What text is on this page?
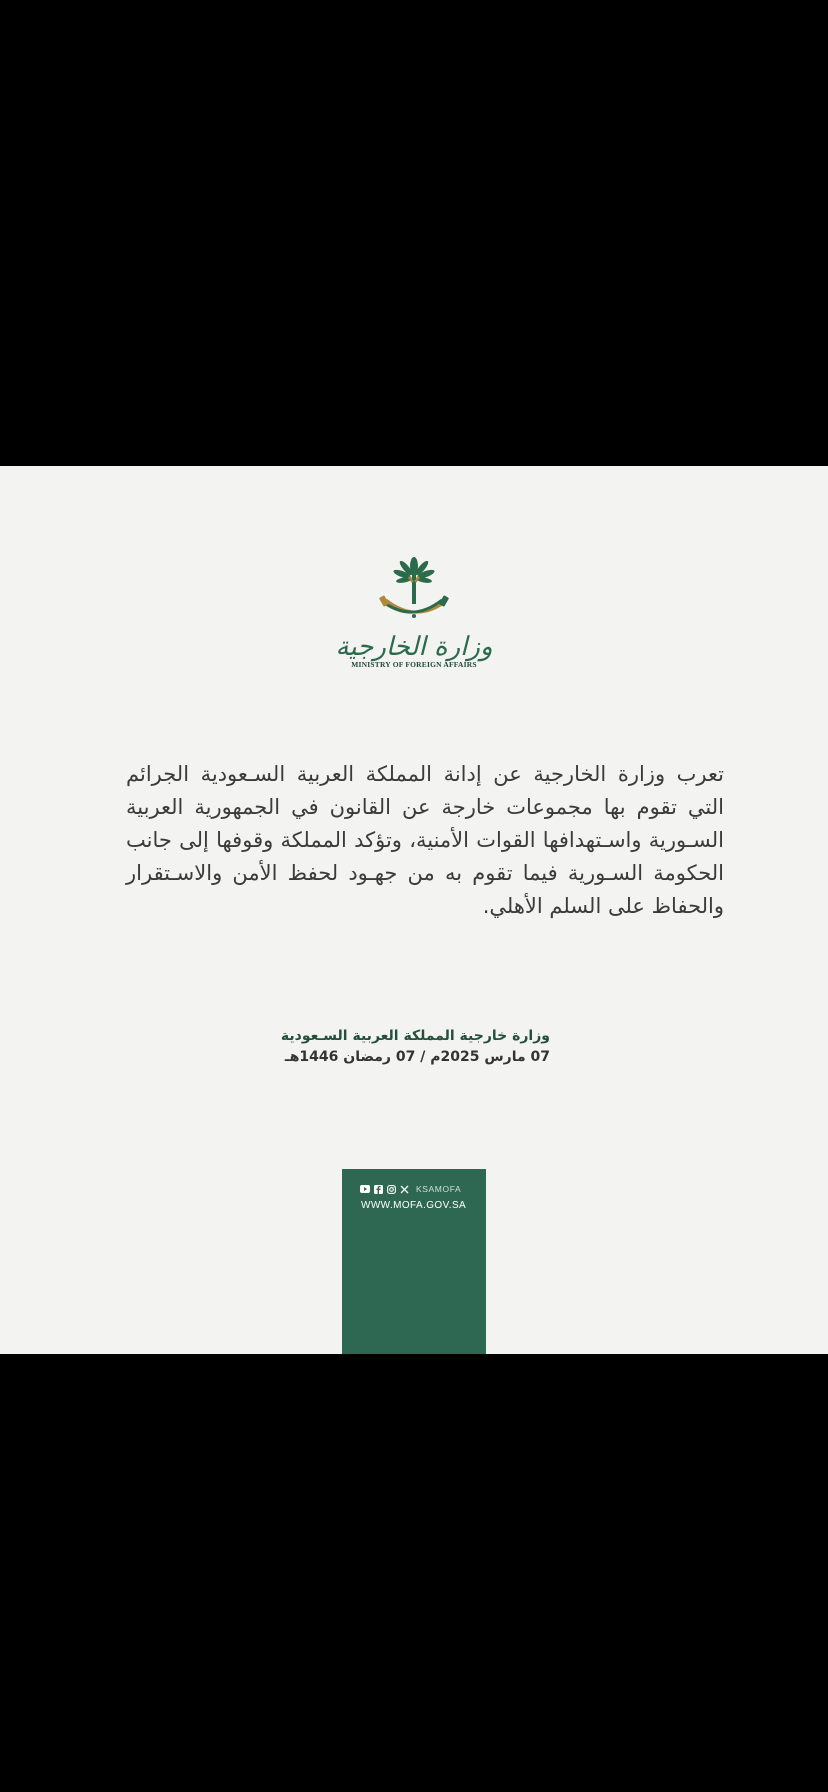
وزارة الخارجية
MINISTRY OF FOREIGN AFFAIRS
تعرب وزارة الخارجية عن إدانة المملكة العربية السـعودية الجرائم التي تقوم بها مجموعات خارجة عن القانون في الجمهورية العربية السـورية واسـتهدافها القوات الأمنية، وتؤكد المملكة وقوفها إلى جانب الحكومة السـورية فيما تقوم به من جهـود لحفظ الأمن والاسـتقرار والحفاظ على السلم الأهلي.
وزارة خارجية المملكة العربية السـعودية
07 مارس 2025م / 07 رمضان 1446هـ
KSAMOFA
WWW.MOFA.GOV.SA
